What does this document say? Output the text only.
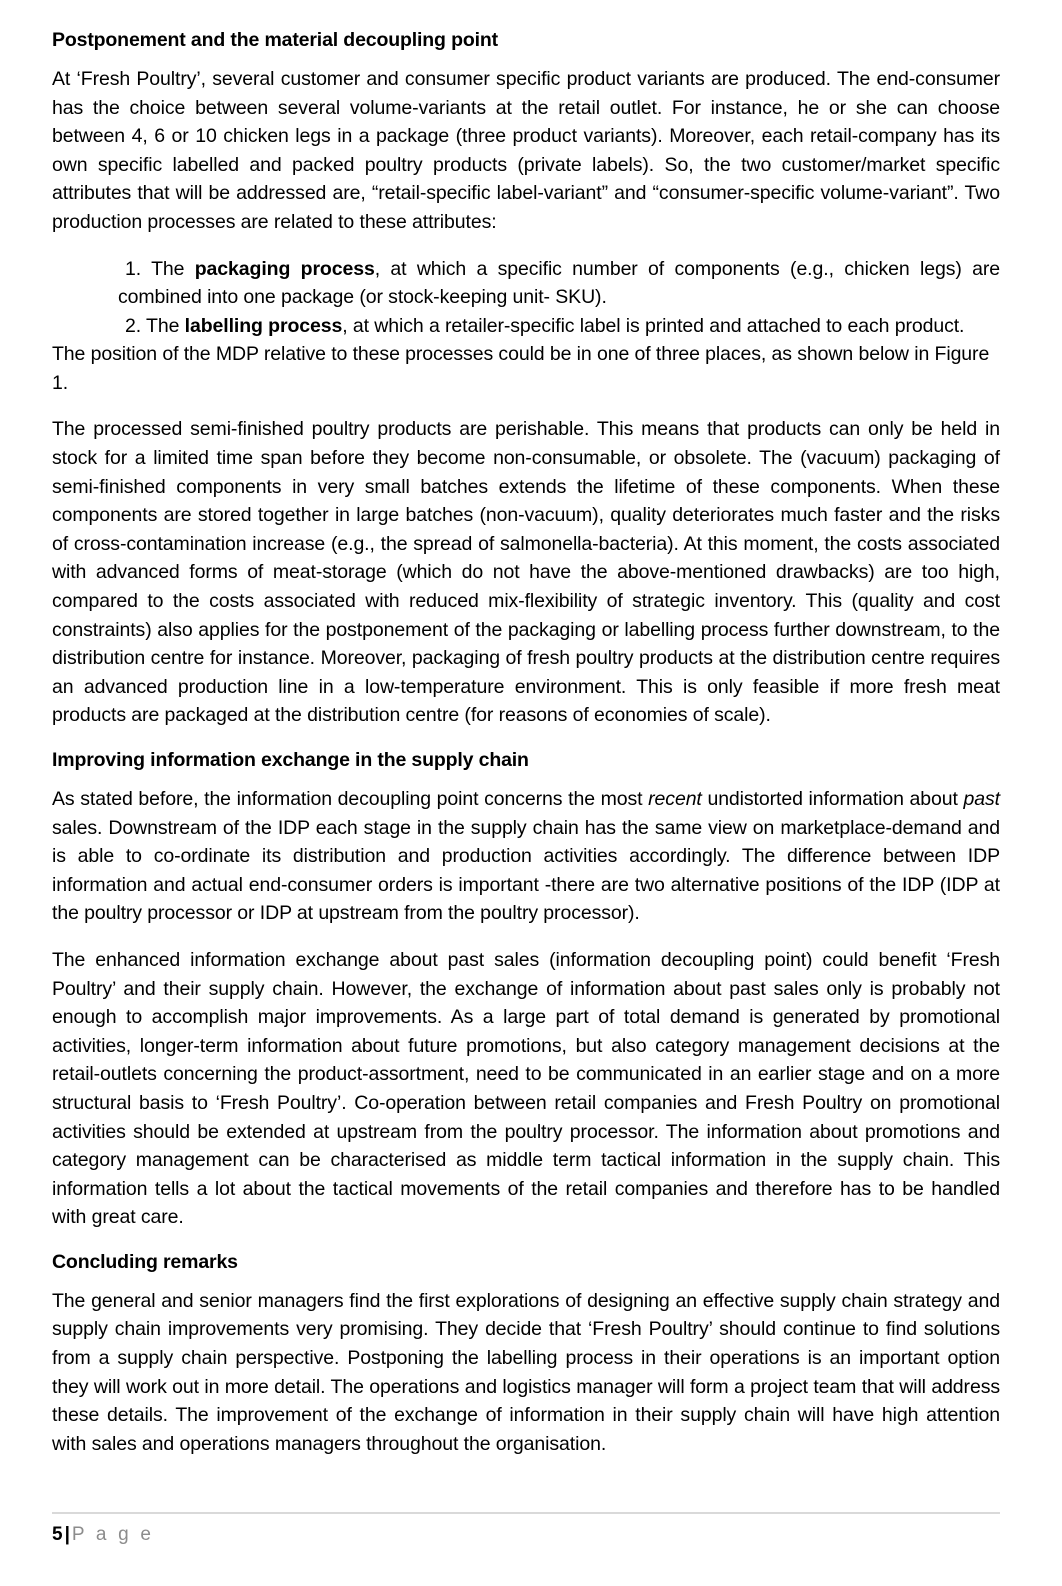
Postponement and the material decoupling point

At ‘Fresh Poultry’, several customer and consumer specific product variants are produced. The end-consumer has the choice between several volume-variants at the retail outlet. For instance, he or she can choose between 4, 6 or 10 chicken legs in a package (three product variants). Moreover, each retail-company has its own specific labelled and packed poultry products (private labels). So, the two customer/market specific attributes that will be addressed are, “retail-specific label-variant” and “consumer-specific volume-variant”. Two production processes are related to these attributes:

1. The packaging process, at which a specific number of components (e.g., chicken legs) are combined into one package (or stock-keeping unit- SKU).
2. The labelling process, at which a retailer-specific label is printed and attached to each product.

The position of the MDP relative to these processes could be in one of three places, as shown below in Figure 1.

The processed semi-finished poultry products are perishable. This means that products can only be held in stock for a limited time span before they become non-consumable, or obsolete. The (vacuum) packaging of semi-finished components in very small batches extends the lifetime of these components. When these components are stored together in large batches (non-vacuum), quality deteriorates much faster and the risks of cross-contamination increase (e.g., the spread of salmonella-bacteria). At this moment, the costs associated with advanced forms of meat-storage (which do not have the above-mentioned drawbacks) are too high, compared to the costs associated with reduced mix-flexibility of strategic inventory. This (quality and cost constraints) also applies for the postponement of the packaging or labelling process further downstream, to the distribution centre for instance. Moreover, packaging of fresh poultry products at the distribution centre requires an advanced production line in a low-temperature environment. This is only feasible if more fresh meat products are packaged at the distribution centre (for reasons of economies of scale).

Improving information exchange in the supply chain

As stated before, the information decoupling point concerns the most recent undistorted information about past sales. Downstream of the IDP each stage in the supply chain has the same view on marketplace-demand and is able to co-ordinate its distribution and production activities accordingly. The difference between IDP information and actual end-consumer orders is important -there are two alternative positions of the IDP (IDP at the poultry processor or IDP at upstream from the poultry processor).

The enhanced information exchange about past sales (information decoupling point) could benefit ‘Fresh Poultry’ and their supply chain. However, the exchange of information about past sales only is probably not enough to accomplish major improvements. As a large part of total demand is generated by promotional activities, longer-term information about future promotions, but also category management decisions at the retail-outlets concerning the product-assortment, need to be communicated in an earlier stage and on a more structural basis to ‘Fresh Poultry’. Co-operation between retail companies and Fresh Poultry on promotional activities should be extended at upstream from the poultry processor. The information about promotions and category management can be characterised as middle term tactical information in the supply chain. This information tells a lot about the tactical movements of the retail companies and therefore has to be handled with great care.

Concluding remarks

The general and senior managers find the first explorations of designing an effective supply chain strategy and supply chain improvements very promising. They decide that ‘Fresh Poultry’ should continue to find solutions from a supply chain perspective. Postponing the labelling process in their operations is an important option they will work out in more detail. The operations and logistics manager will form a project team that will address these details. The improvement of the exchange of information in their supply chain will have high attention with sales and operations managers throughout the organisation.

5 | P a g e
